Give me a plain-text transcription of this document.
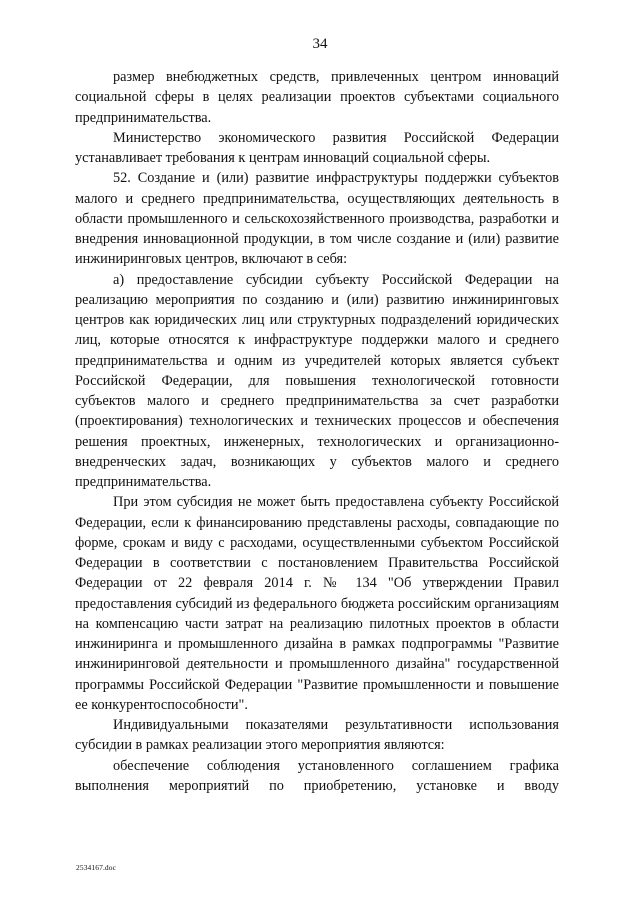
34

размер внебюджетных средств, привлеченных центром инноваций социальной сферы в целях реализации проектов субъектами социального предпринимательства.

Министерство экономического развития Российской Федерации устанавливает требования к центрам инноваций социальной сферы.

52. Создание и (или) развитие инфраструктуры поддержки субъектов малого и среднего предпринимательства, осуществляющих деятельность в области промышленного и сельскохозяйственного производства, разработки и внедрения инновационной продукции, в том числе создание и (или) развитие инжиниринговых центров, включают в себя:

а) предоставление субсидии субъекту Российской Федерации на реализацию мероприятия по созданию и (или) развитию инжиниринговых центров как юридических лиц или структурных подразделений юридических лиц, которые относятся к инфраструктуре поддержки малого и среднего предпринимательства и одним из учредителей которых является субъект Российской Федерации, для повышения технологической готовности субъектов малого и среднего предпринимательства за счет разработки (проектирования) технологических и технических процессов и обеспечения решения проектных, инженерных, технологических и организационно-внедренческих задач, возникающих у субъектов малого и среднего предпринимательства.

При этом субсидия не может быть предоставлена субъекту Российской Федерации, если к финансированию представлены расходы, совпадающие по форме, срокам и виду с расходами, осуществленными субъектом Российской Федерации в соответствии с постановлением Правительства Российской Федерации от 22 февраля 2014 г. № 134 "Об утверждении Правил предоставления субсидий из федерального бюджета российским организациям на компенсацию части затрат на реализацию пилотных проектов в области инжиниринга и промышленного дизайна в рамках подпрограммы "Развитие инжиниринговой деятельности и промышленного дизайна" государственной программы Российской Федерации "Развитие промышленности и повышение ее конкурентоспособности".

Индивидуальными показателями результативности использования субсидии в рамках реализации этого мероприятия являются:

обеспечение соблюдения установленного соглашением графика выполнения мероприятий по приобретению, установке и вводу

2534167.doc
